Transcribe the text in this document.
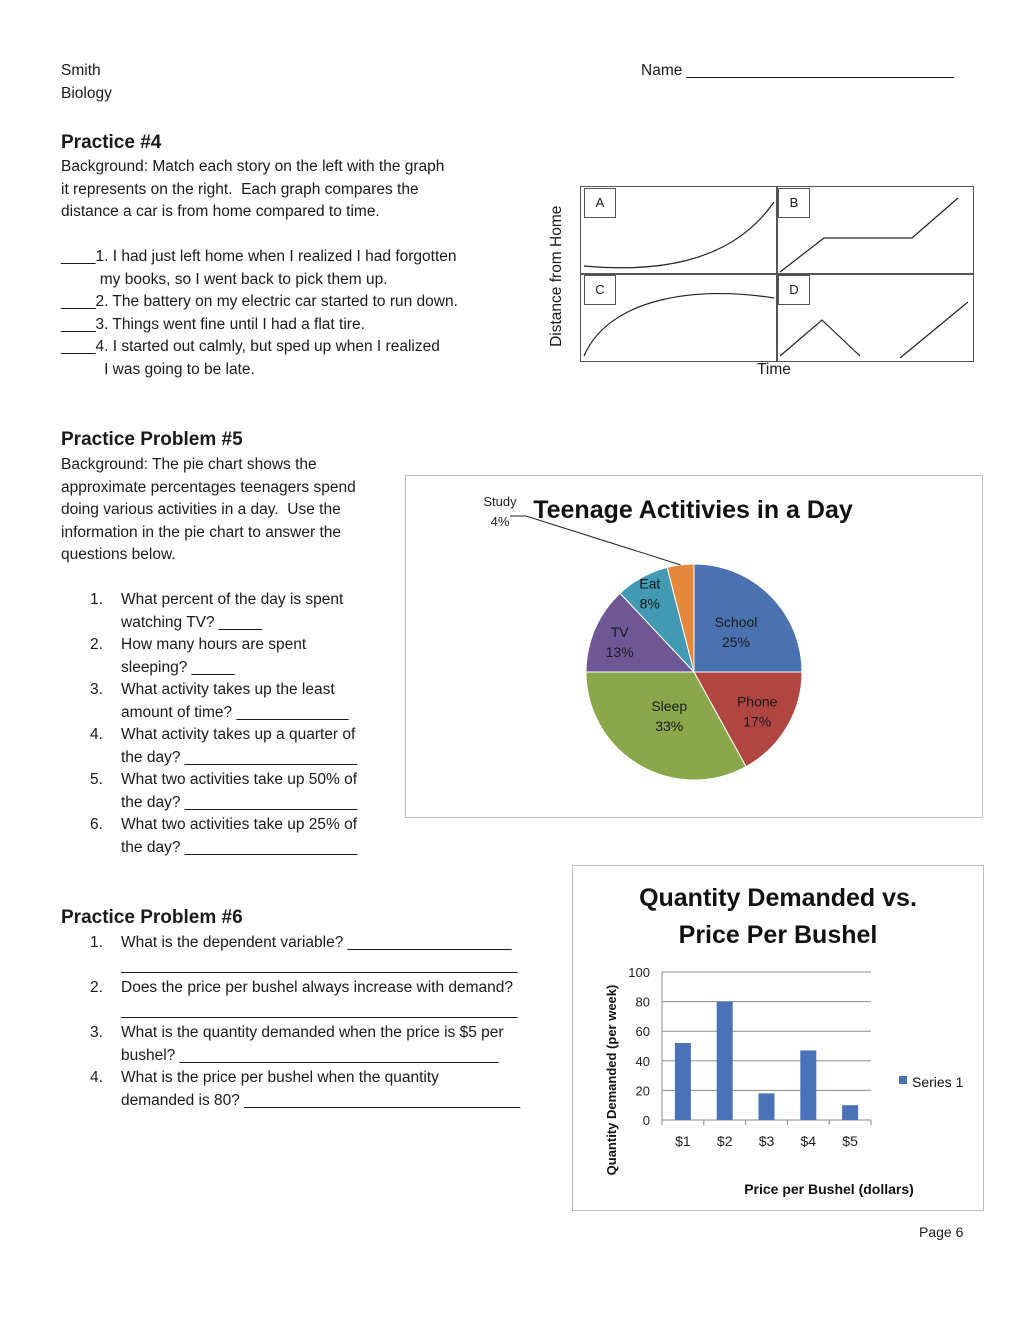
Smith
Biology
Name _______________________________
Practice #4
Background: Match each story on the left with the graph
it represents on the right.  Each graph compares the
distance a car is from home compared to time.
____1. I had just left home when I realized I had forgotten
my books, so I went back to pick them up.
____2. The battery on my electric car started to run down.
____3. Things went fine until I had a flat tire.
____4. I started out calmly, but sped up when I realized
I was going to be late.
Distance from Home
A	B
C	D
Time
Practice Problem #5
Background: The pie chart shows the
approximate percentages teenagers spend
doing various activities in a day.  Use the
information in the pie chart to answer the
questions below.
1. What percent of the day is spent
watching TV? _____
2. How many hours are spent
sleeping? _____
3. What activity takes up the least
amount of time? _____________
4. What activity takes up a quarter of
the day? ____________________
5. What two activities take up 50% of
the day? ____________________
6. What two activities take up 25% of
the day? ____________________
Teenage Actitivies in a Day
School
25%
Phone
17%
Sleep
33%
TV
13%
Eat
8%
Study
4%
Practice Problem #6
1. What is the dependent variable? ___________________
______________________________________________
2. Does the price per bushel always increase with demand?
______________________________________________
3. What is the quantity demanded when the price is $5 per
bushel? _____________________________________
4. What is the price per bushel when the quantity
demanded is 80? ________________________________
Quantity Demanded vs.
Price Per Bushel
0
20
40
60
80
100
$1 $2 $3 $4 $5
Quantity Demanded (per week)
Price per Bushel (dollars)
Series 1
Page 6
